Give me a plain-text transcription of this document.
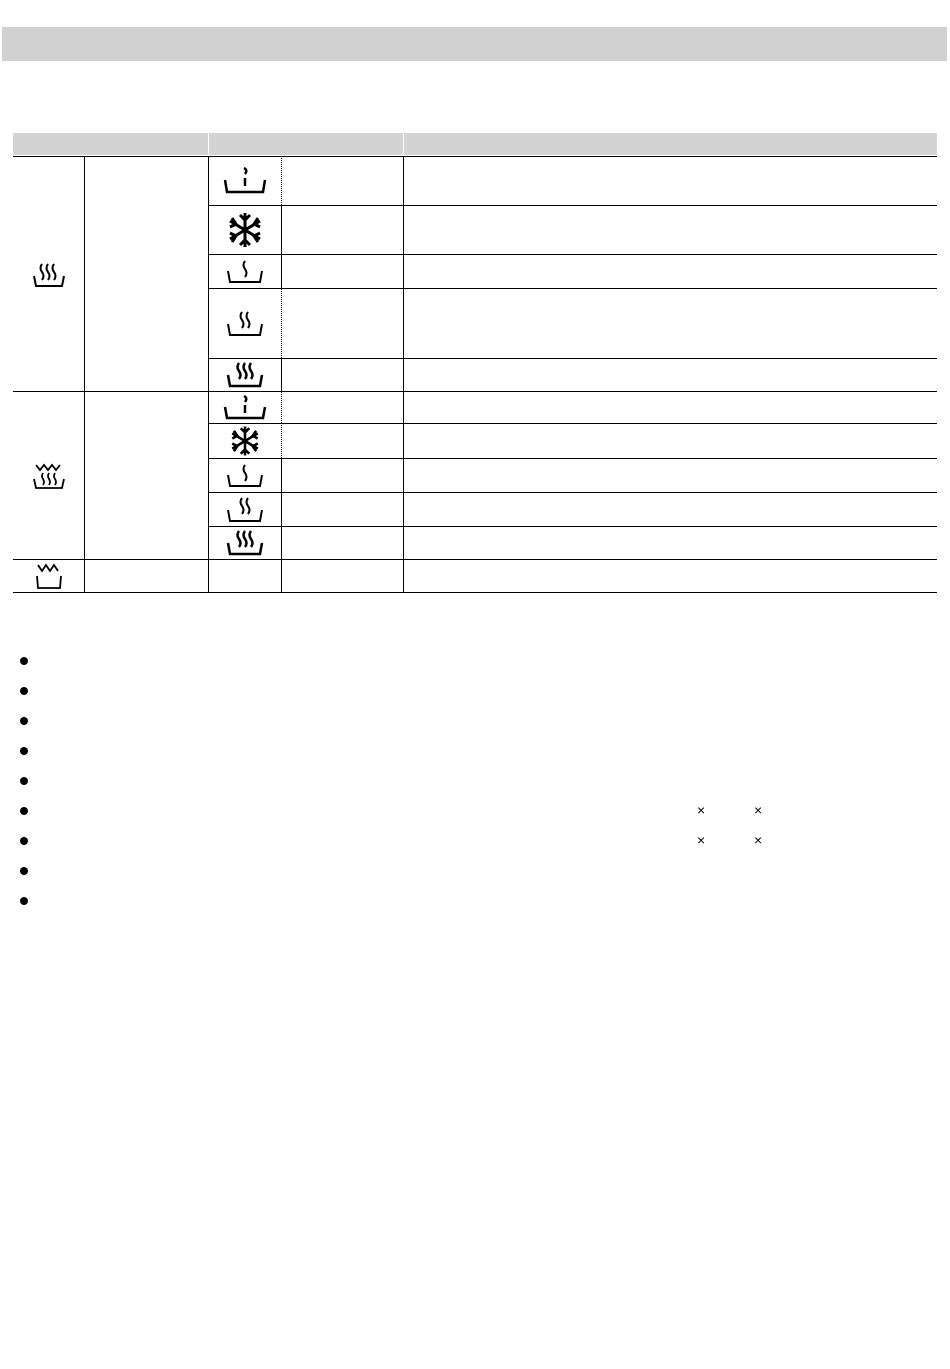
×	×
×	×
